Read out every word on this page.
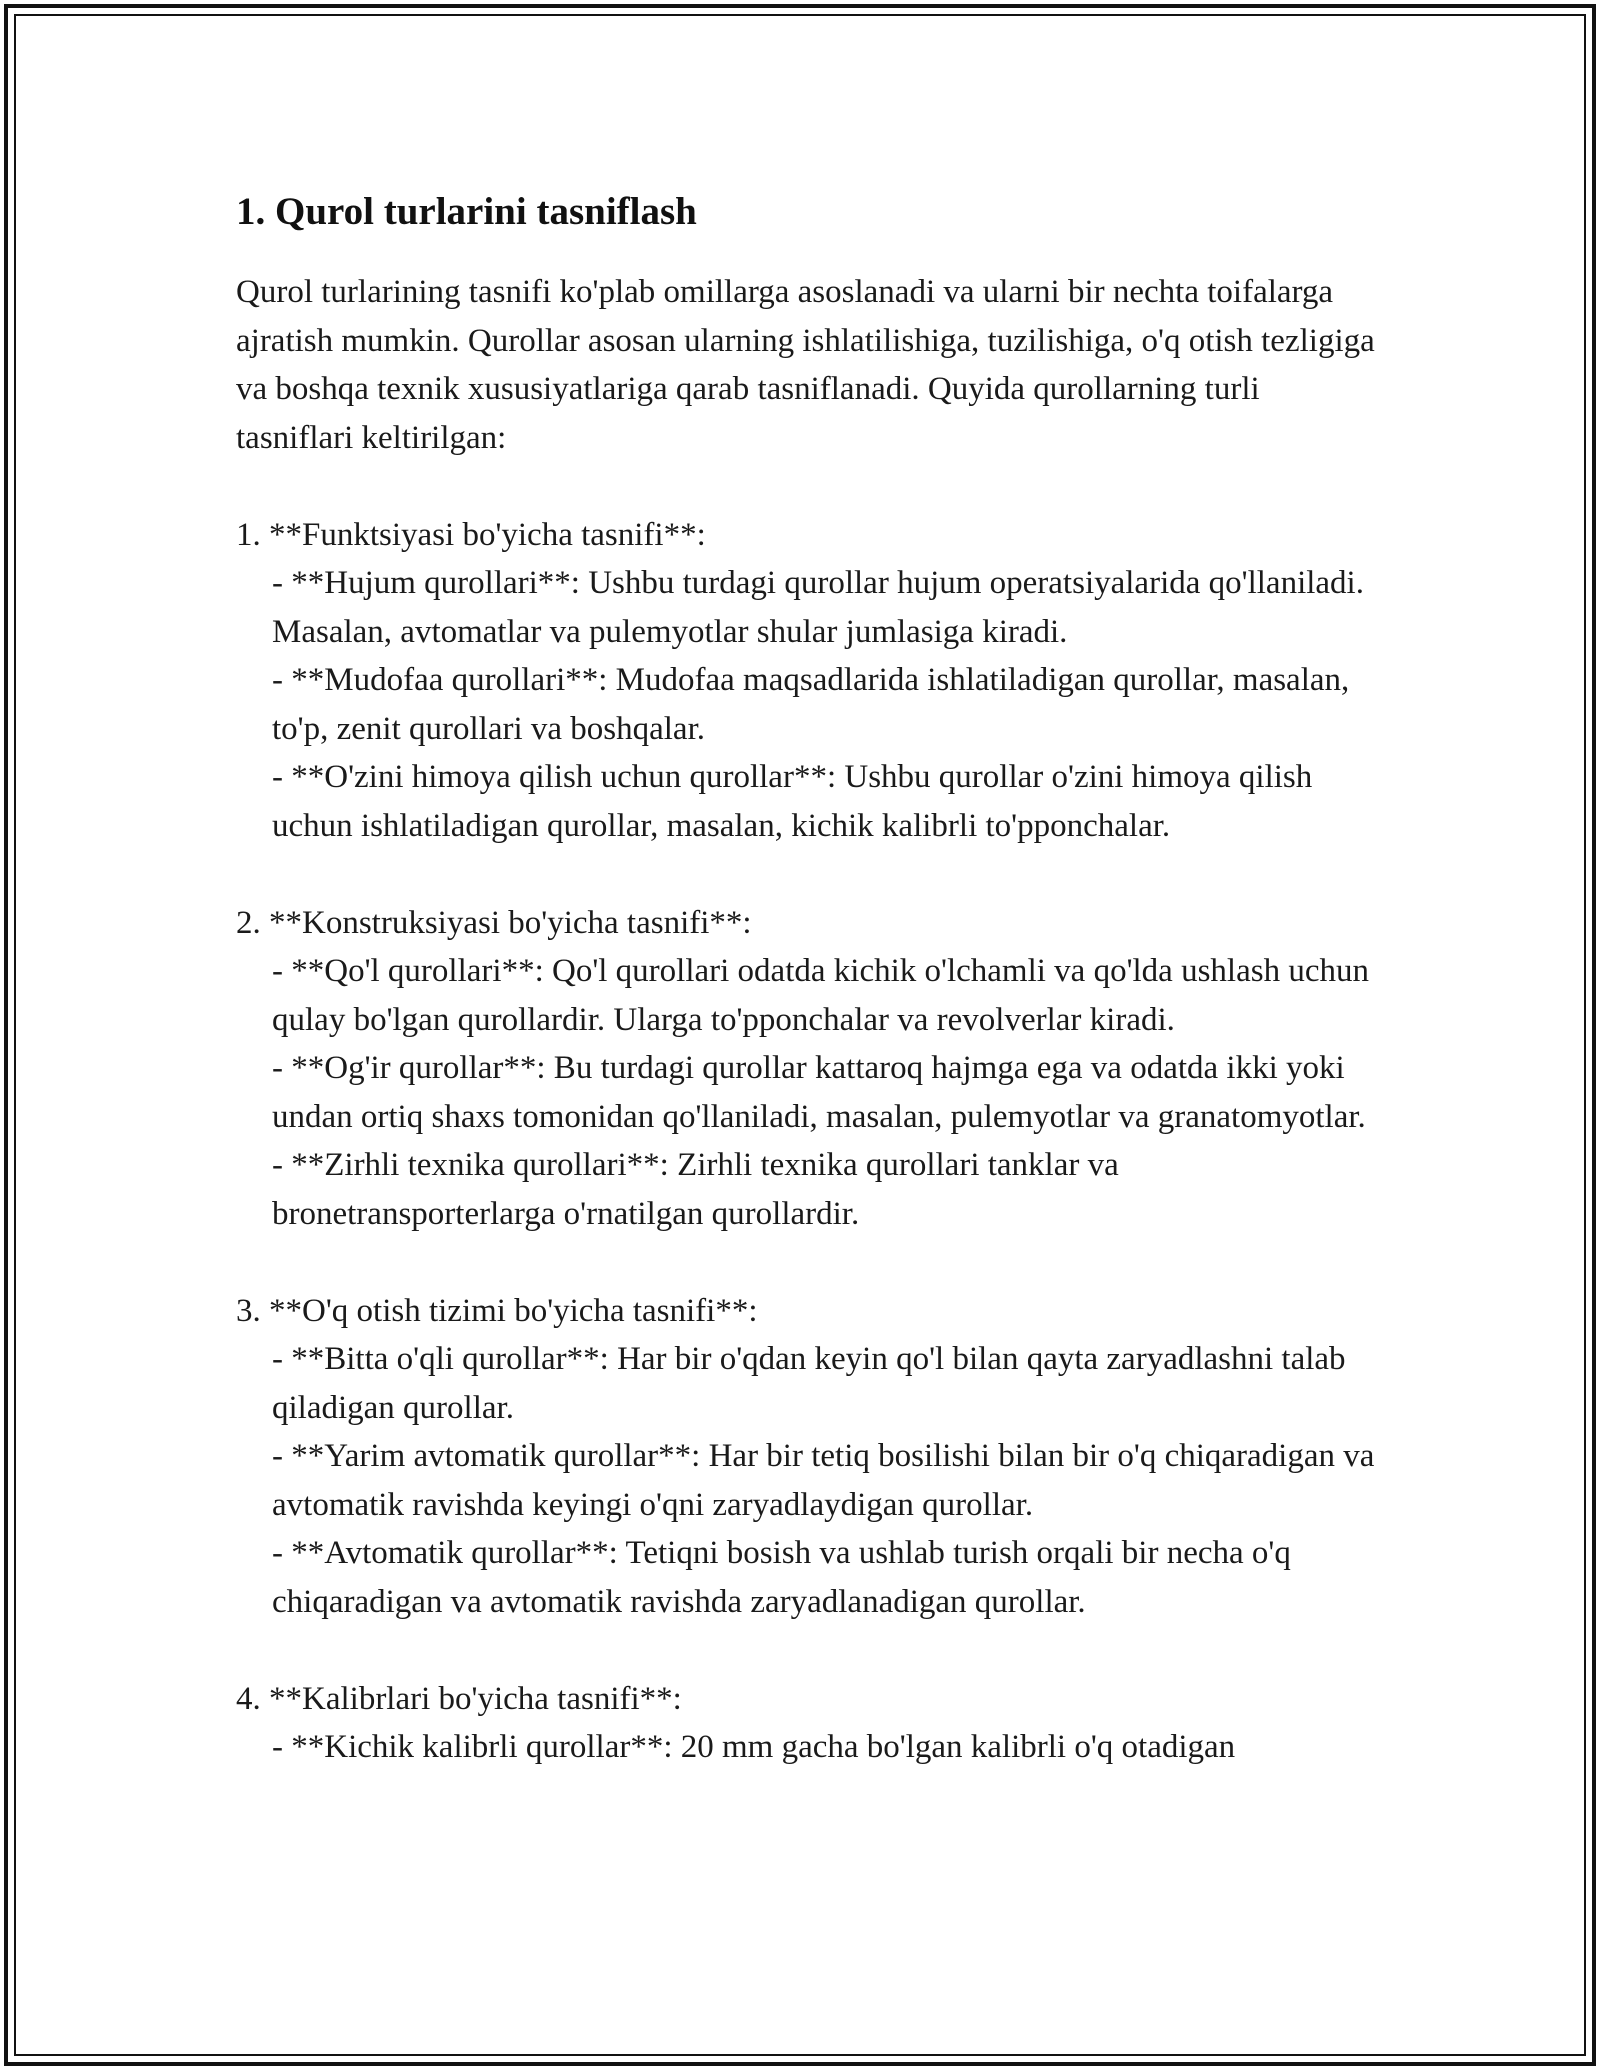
1. Qurol turlarini tasniflash

Qurol turlarining tasnifi ko'plab omillarga asoslanadi va ularni bir nechta toifalarga ajratish mumkin. Qurollar asosan ularning ishlatilishiga, tuzilishiga, o'q otish tezligiga va boshqa texnik xususiyatlariga qarab tasniflanadi. Quyida qurollarning turli tasniflari keltirilgan:

1. **Funktsiyasi bo'yicha tasnifi**:
- **Hujum qurollari**: Ushbu turdagi qurollar hujum operatsiyalarida qo'llaniladi. Masalan, avtomatlar va pulemyotlar shular jumlasiga kiradi.
- **Mudofaa qurollari**: Mudofaa maqsadlarida ishlatiladigan qurollar, masalan, to'p, zenit qurollari va boshqalar.
- **O'zini himoya qilish uchun qurollar**: Ushbu qurollar o'zini himoya qilish uchun ishlatiladigan qurollar, masalan, kichik kalibrli to'pponchalar.
2. **Konstruksiyasi bo'yicha tasnifi**:
- **Qo'l qurollari**: Qo'l qurollari odatda kichik o'lchamli va qo'lda ushlash uchun qulay bo'lgan qurollardir. Ularga to'pponchalar va revolverlar kiradi.
- **Og'ir qurollar**: Bu turdagi qurollar kattaroq hajmga ega va odatda ikki yoki undan ortiq shaxs tomonidan qo'llaniladi, masalan, pulemyotlar va granatomyotlar.
- **Zirhli texnika qurollari**: Zirhli texnika qurollari tanklar va bronetransporterlarga o'rnatilgan qurollardir.
3. **O'q otish tizimi bo'yicha tasnifi**:
- **Bitta o'qli qurollar**: Har bir o'qdan keyin qo'l bilan qayta zaryadlashni talab qiladigan qurollar.
- **Yarim avtomatik qurollar**: Har bir tetiq bosilishi bilan bir o'q chiqaradigan va avtomatik ravishda keyingi o'qni zaryadlaydigan qurollar.
- **Avtomatik qurollar**: Tetiqni bosish va ushlab turish orqali bir necha o'q chiqaradigan va avtomatik ravishda zaryadlanadigan qurollar.
4. **Kalibrlari bo'yicha tasnifi**:
- **Kichik kalibrli qurollar**: 20 mm gacha bo'lgan kalibrli o'q otadigan
